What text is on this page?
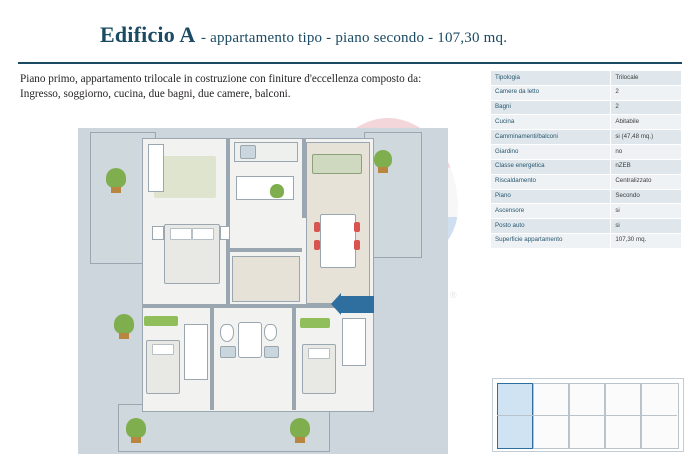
Edificio A - appartamento tipo - piano secondo - 107,30 mq.
Piano primo, appartamento trilocale in costruzione con finiture d'eccellenza composto da:
Ingresso, soggiorno, cucina, due bagni, due camere, balconi.
Tipologia	Trilocale
Camere da letto	2
Bagni	2
Cucina	Abitabile
Camminamenti/balconi	si (47,48 mq.)
Giardino	no
Classe energetica	nZEB
Riscaldamento	Centralizzato
Piano	Secondo
Ascensore	si
Posto auto	si
Superficie appartamento	107,30 mq.
®
